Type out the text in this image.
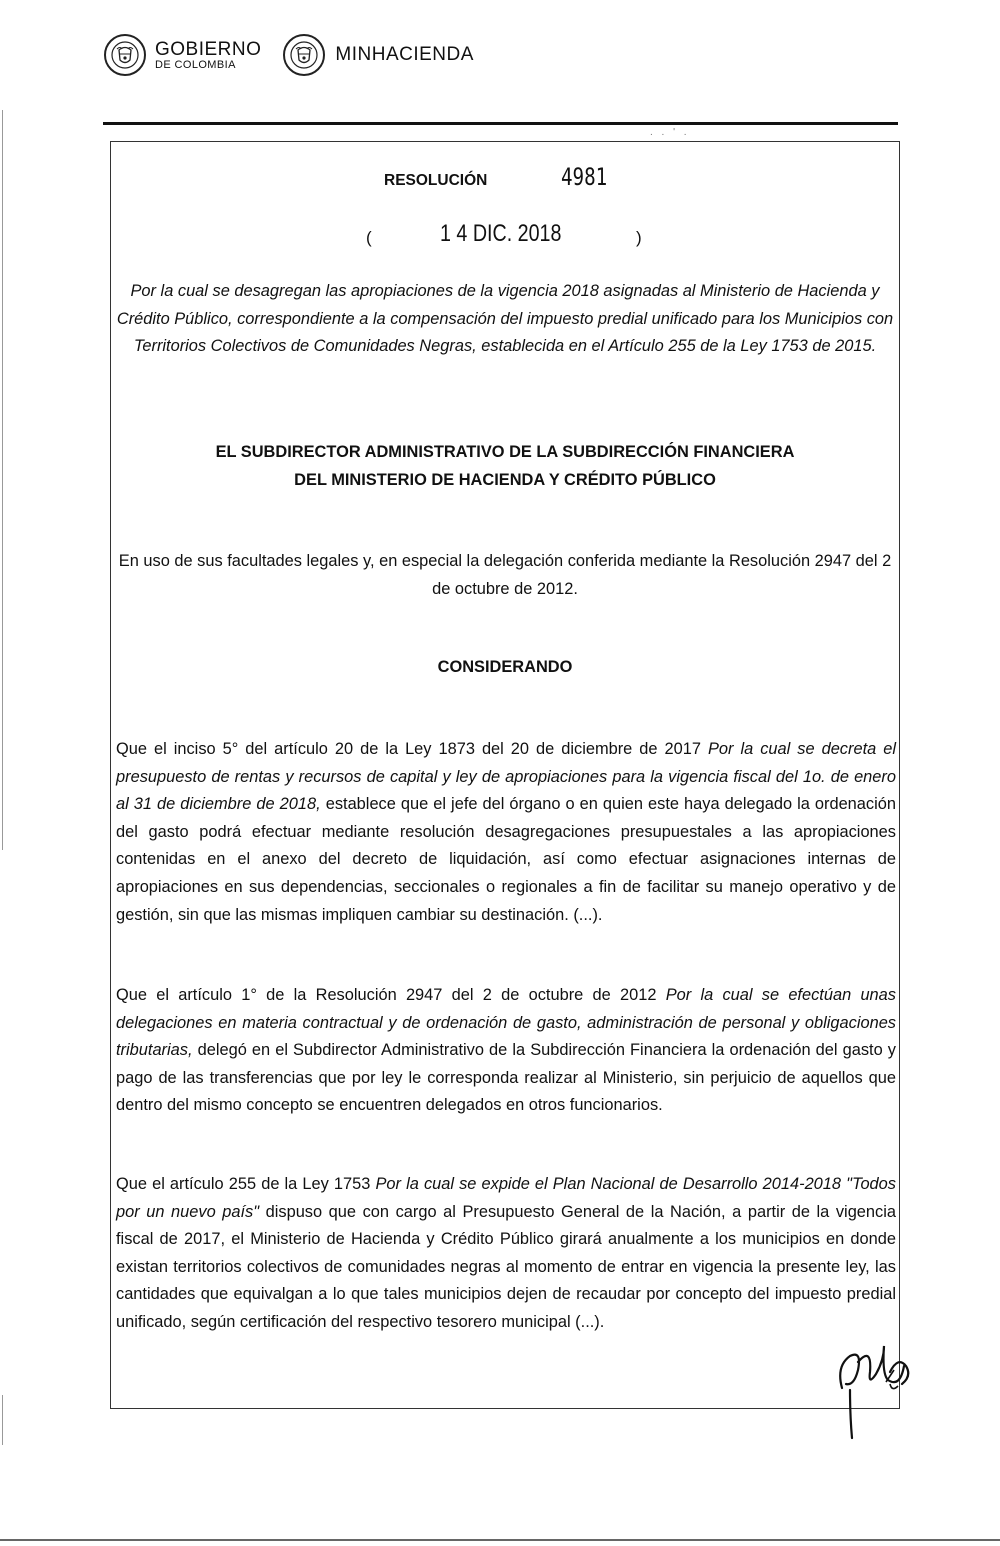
GOBIERNO
DE COLOMBIA	MINHACIENDA
. . ' .
RESOLUCIÓN	4981
(	1 4 DIC. 2018	)
Por la cual se desagregan las apropiaciones de la vigencia 2018 asignadas al Ministerio de Hacienda y Crédito Público, correspondiente a la compensación del impuesto predial unificado para los Municipios con Territorios Colectivos de Comunidades Negras, establecida en el Artículo 255 de la Ley 1753 de 2015.
EL SUBDIRECTOR ADMINISTRATIVO DE LA SUBDIRECCIÓN FINANCIERA
DEL MINISTERIO DE HACIENDA Y CRÉDITO PÚBLICO
En uso de sus facultades legales y, en especial la delegación conferida mediante la Resolución 2947 del 2 de octubre de 2012.
CONSIDERANDO
Que el inciso 5° del artículo 20 de la Ley 1873 del 20 de diciembre de 2017 Por la cual se decreta el presupuesto de rentas y recursos de capital y ley de apropiaciones para la vigencia fiscal del 1o. de enero al 31 de diciembre de 2018, establece que el jefe del órgano o en quien este haya delegado la ordenación del gasto podrá efectuar mediante resolución desagregaciones presupuestales a las apropiaciones contenidas en el anexo del decreto de liquidación, así como efectuar asignaciones internas de apropiaciones en sus dependencias, seccionales o regionales a fin de facilitar su manejo operativo y de gestión, sin que las mismas impliquen cambiar su destinación. (...).
Que el artículo 1° de la Resolución 2947 del 2 de octubre de 2012 Por la cual se efectúan unas delegaciones en materia contractual y de ordenación de gasto, administración de personal y obligaciones tributarias, delegó en el Subdirector Administrativo de la Subdirección Financiera la ordenación del gasto y pago de las transferencias que por ley le corresponda realizar al Ministerio, sin perjuicio de aquellos que dentro del mismo concepto se encuentren delegados en otros funcionarios.
Que el artículo 255 de la Ley 1753 Por la cual se expide el Plan Nacional de Desarrollo 2014-2018 "Todos por un nuevo país" dispuso que con cargo al Presupuesto General de la Nación, a partir de la vigencia fiscal de 2017, el Ministerio de Hacienda y Crédito Público girará anualmente a los municipios en donde existan territorios colectivos de comunidades negras al momento de entrar en vigencia la presente ley, las cantidades que equivalgan a lo que tales municipios dejen de recaudar por concepto del impuesto predial unificado, según certificación del respectivo tesorero municipal (...).
